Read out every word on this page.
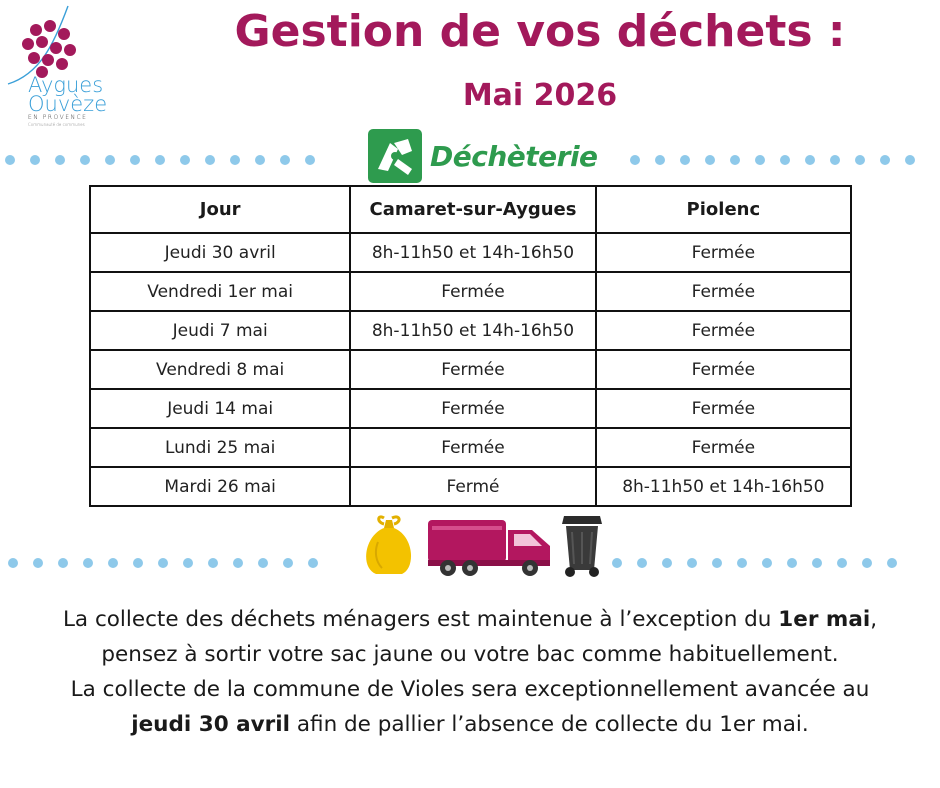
Aygues
Ouvèze
EN PROVENCE
Communauté de communes
Gestion de vos déchets :
Mai 2026
Déchèterie
Jour	Camaret-sur-Aygues	Piolenc
Jeudi 30 avril	8h-11h50 et 14h-16h50	Fermée
Vendredi 1er mai	Fermée	Fermée
Jeudi 7 mai	8h-11h50 et 14h-16h50	Fermée
Vendredi 8 mai	Fermée	Fermée
Jeudi 14 mai	Fermée	Fermée
Lundi 25 mai	Fermée	Fermée
Mardi 26 mai	Fermé	8h-11h50 et 14h-16h50
La collecte des déchets ménagers est maintenue à l’exception du 1er mai,
pensez à sortir votre sac jaune ou votre bac comme habituellement.
La collecte de la commune de Violes sera exceptionnellement avancée au
jeudi 30 avril afin de pallier l’absence de collecte du 1er mai.
